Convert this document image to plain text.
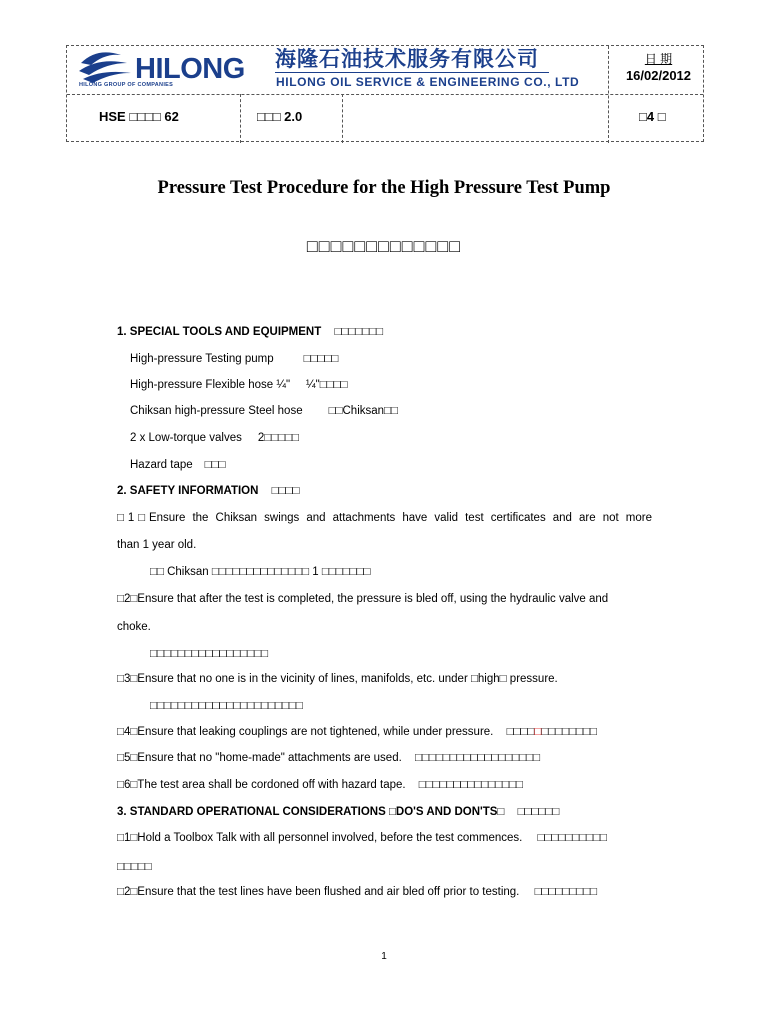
HILONG
HILONG GROUP OF COMPANIES
海隆石油技术服务有限公司
HILONG OIL SERVICE & ENGINEERING CO., LTD
日 期
16/02/2012
HSE □□□□ 62	□□□ 2.0	□4 □
Pressure Test Procedure for the High Pressure Test Pump
□□□□□□□□□□□□□
1. SPECIAL TOOLS AND EQUIPMENT □□□□□□□
High-pressure Testing pump	□□□□□
High-pressure Flexible hose ¼" ¼"□□□□
Chiksan high-pressure Steel hose □□Chiksan□□
2 x Low-torque valves 2□□□□□
Hazard tape □□□
2. SAFETY INFORMATION □□□□
□1□Ensure the Chiksan swings and attachments have valid test certificates and are not more
than 1 year old.
□□ Chiksan □□□□□□□□□□□□□□ 1 □□□□□□□
□2□Ensure that after the test is completed, the pressure is bled off, using the hydraulic valve and
choke.
□□□□□□□□□□□□□□□□□
□3□Ensure that no one is in the vicinity of lines, manifolds, etc. under □high□ pressure.
□□□□□□□□□□□□□□□□□□□□□□
□4□Ensure that leaking couplings are not tightened, while under pressure. □□□□□□□□□□□□□
□5□Ensure that no "home-made" attachments are used. □□□□□□□□□□□□□□□□□□
□6□The test area shall be cordoned off with hazard tape. □□□□□□□□□□□□□□□
3. STANDARD OPERATIONAL CONSIDERATIONS □DO'S AND DON'TS□ □□□□□□
□1□Hold a Toolbox Talk with all personnel involved, before the test commences. □□□□□□□□□□
□□□□□
□2□Ensure that the test lines have been flushed and air bled off prior to testing. □□□□□□□□□
1
